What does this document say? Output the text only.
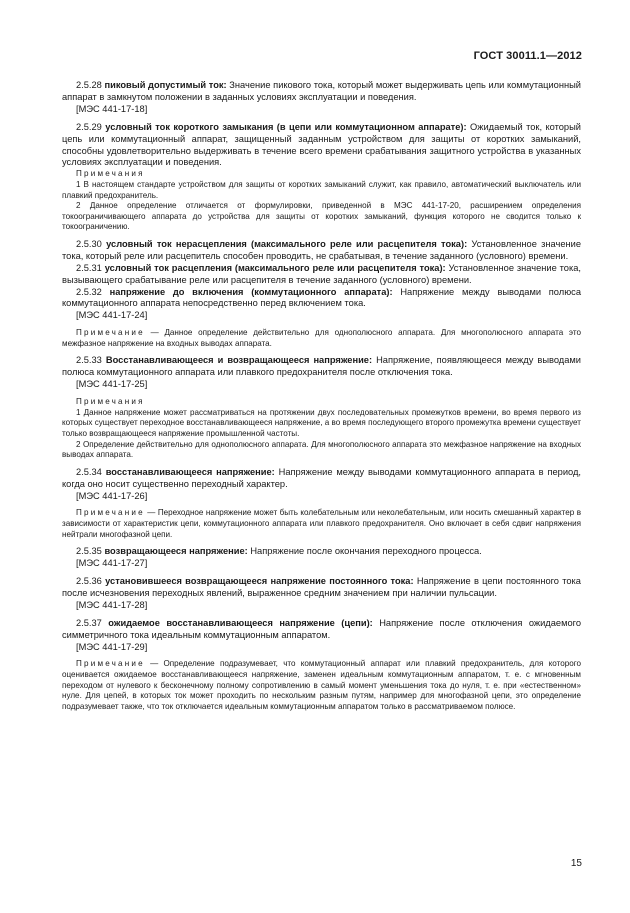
ГОСТ 30011.1—2012

2.5.28 пиковый допустимый ток: Значение пикового тока, который может выдерживать цепь или коммутационный аппарат в замкнутом положении в заданных условиях эксплуатации и поведения.

[МЭС 441-17-18]

2.5.29 условный ток короткого замыкания (в цепи или коммутационном аппарате): Ожидаемый ток, который цепь или коммутационный аппарат, защищенный заданным устройством для защиты от коротких замыканий, способны удовлетворительно выдерживать в течение всего времени срабатывания защитного устройства в указанных условиях эксплуатации и поведения.

Примечания

1 В настоящем стандарте устройством для защиты от коротких замыканий служит, как правило, автоматический выключатель или плавкий предохранитель.

2 Данное определение отличается от формулировки, приведенной в МЭС 441-17-20, расширением определения токоограничивающего аппарата до устройства для защиты от коротких замыканий, функция которого не сводится только к токоограничению.

2.5.30 условный ток нерасцепления (максимального реле или расцепителя тока): Установленное значение тока, который реле или расцепитель способен проводить, не срабатывая, в течение заданного (условного) времени.

2.5.31 условный ток расцепления (максимального реле или расцепителя тока): Установленное значение тока, вызывающего срабатывание реле или расцепителя в течение заданного (условного) времени.

2.5.32 напряжение до включения (коммутационного аппарата): Напряжение между выводами полюса коммутационного аппарата непосредственно перед включением тока.

[МЭС 441-17-24]

Примечание — Данное определение действительно для однополюсного аппарата. Для многополюсного аппарата это межфазное напряжение на входных выводах аппарата.

2.5.33 Восстанавливающееся и возвращающееся напряжение: Напряжение, появляющееся между выводами полюса коммутационного аппарата или плавкого предохранителя после отключения тока.

[МЭС 441-17-25]

Примечания

1 Данное напряжение может рассматриваться на протяжении двух последовательных промежутков времени, во время первого из которых существует переходное восстанавливающееся напряжение, а во время последующего второго промежутка времени существует только возвращающееся напряжение промышленной частоты.

2 Определение действительно для однополюсного аппарата. Для многополюсного аппарата это межфазное напряжение на входных выводах аппарата.

2.5.34 восстанавливающееся напряжение: Напряжение между выводами коммутационного аппарата в период, когда оно носит существенно переходный характер.

[МЭС 441-17-26]

Примечание — Переходное напряжение может быть колебательным или неколебательным, или носить смешанный характер в зависимости от характеристик цепи, коммутационного аппарата или плавкого предохранителя. Оно включает в себя сдвиг напряжения нейтрали многофазной цепи.

2.5.35 возвращающееся напряжение: Напряжение после окончания переходного процесса.

[МЭС 441-17-27]

2.5.36 установившееся возвращающееся напряжение постоянного тока: Напряжение в цепи постоянного тока после исчезновения переходных явлений, выраженное средним значением при наличии пульсации.

[МЭС 441-17-28]

2.5.37 ожидаемое восстанавливающееся напряжение (цепи): Напряжение после отключения ожидаемого симметричного тока идеальным коммутационным аппаратом.

[МЭС 441-17-29]

Примечание — Определение подразумевает, что коммутационный аппарат или плавкий предохранитель, для которого оценивается ожидаемое восстанавливающееся напряжение, заменен идеальным коммутационным аппаратом, т. е. с мгновенным переходом от нулевого к бесконечному полному сопротивлению в самый момент уменьшения тока до нуля, т. е. при «естественном» нуле. Для цепей, в которых ток может проходить по нескольким разным путям, например для многофазной цепи, это определение подразумевает также, что ток отключается идеальным коммутационным аппаратом только в рассматриваемом полюсе.

15
